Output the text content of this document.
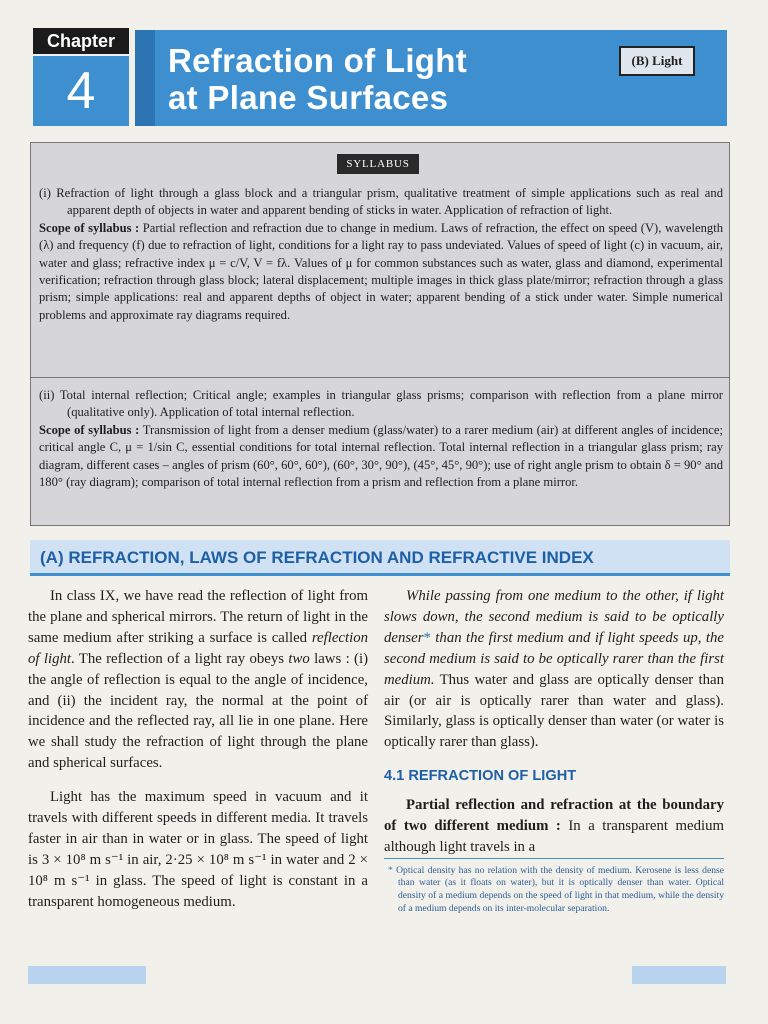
Chapter
4
Refraction of Light
at Plane Surfaces
(B) Light
SYLLABUS

(i) Refraction of light through a glass block and a triangular prism, qualitative treatment of simple applications such as real and apparent depth of objects in water and apparent bending of sticks in water. Application of refraction of light.

Scope of syllabus : Partial reflection and refraction due to change in medium. Laws of refraction, the effect on speed (V), wavelength (λ) and frequency (f) due to refraction of light, conditions for a light ray to pass undeviated. Values of speed of light (c) in vacuum, air, water and glass; refractive index μ = c/V, V = fλ. Values of μ for common substances such as water, glass and diamond, experimental verification; refraction through glass block; lateral displacement; multiple images in thick glass plate/mirror; refraction through a glass prism; simple applications: real and apparent depths of object in water; apparent bending of a stick under water. Simple numerical problems and approximate ray diagrams required.

(ii) Total internal reflection; Critical angle; examples in triangular glass prisms; comparison with reflection from a plane mirror (qualitative only). Application of total internal reflection.

Scope of syllabus : Transmission of light from a denser medium (glass/water) to a rarer medium (air) at different angles of incidence; critical angle C, μ = 1/sin C, essential conditions for total internal reflection. Total internal reflection in a triangular glass prism; ray diagram, different cases – angles of prism (60°, 60°, 60°), (60°, 30°, 90°), (45°, 45°, 90°); use of right angle prism to obtain δ = 90° and 180° (ray diagram); comparison of total internal reflection from a prism and reflection from a plane mirror.

(A) REFRACTION, LAWS OF REFRACTION AND REFRACTIVE INDEX

In class IX, we have read the reflection of light from the plane and spherical mirrors. The return of light in the same medium after striking a surface is called reflection of light. The reflection of a light ray obeys two laws : (i) the angle of reflection is equal to the angle of incidence, and (ii) the incident ray, the normal at the point of incidence and the reflected ray, all lie in one plane. Here we shall study the refraction of light through the plane and spherical surfaces.

Light has the maximum speed in vacuum and it travels with different speeds in different media. It travels faster in air than in water or in glass. The speed of light is 3 × 10⁸ m s⁻¹ in air, 2·25 × 10⁸ m s⁻¹ in water and 2 × 10⁸ m s⁻¹ in glass. The speed of light is constant in a transparent homogeneous medium.

While passing from one medium to the other, if light slows down, the second medium is said to be optically denser* than the first medium and if light speeds up, the second medium is said to be optically rarer than the first medium. Thus water and glass are optically denser than air (or air is optically rarer than water and glass). Similarly, glass is optically denser than water (or water is optically rarer than glass).

4.1 REFRACTION OF LIGHT

Partial reflection and refraction at the boundary of two different medium : In a transparent medium although light travels in a

* Optical density has no relation with the density of medium. Kerosene is less dense than water (as it floats on water), but it is optically denser than water. Optical density of a medium depends on the speed of light in that medium, while the density of a medium depends on its inter-molecular separation.
